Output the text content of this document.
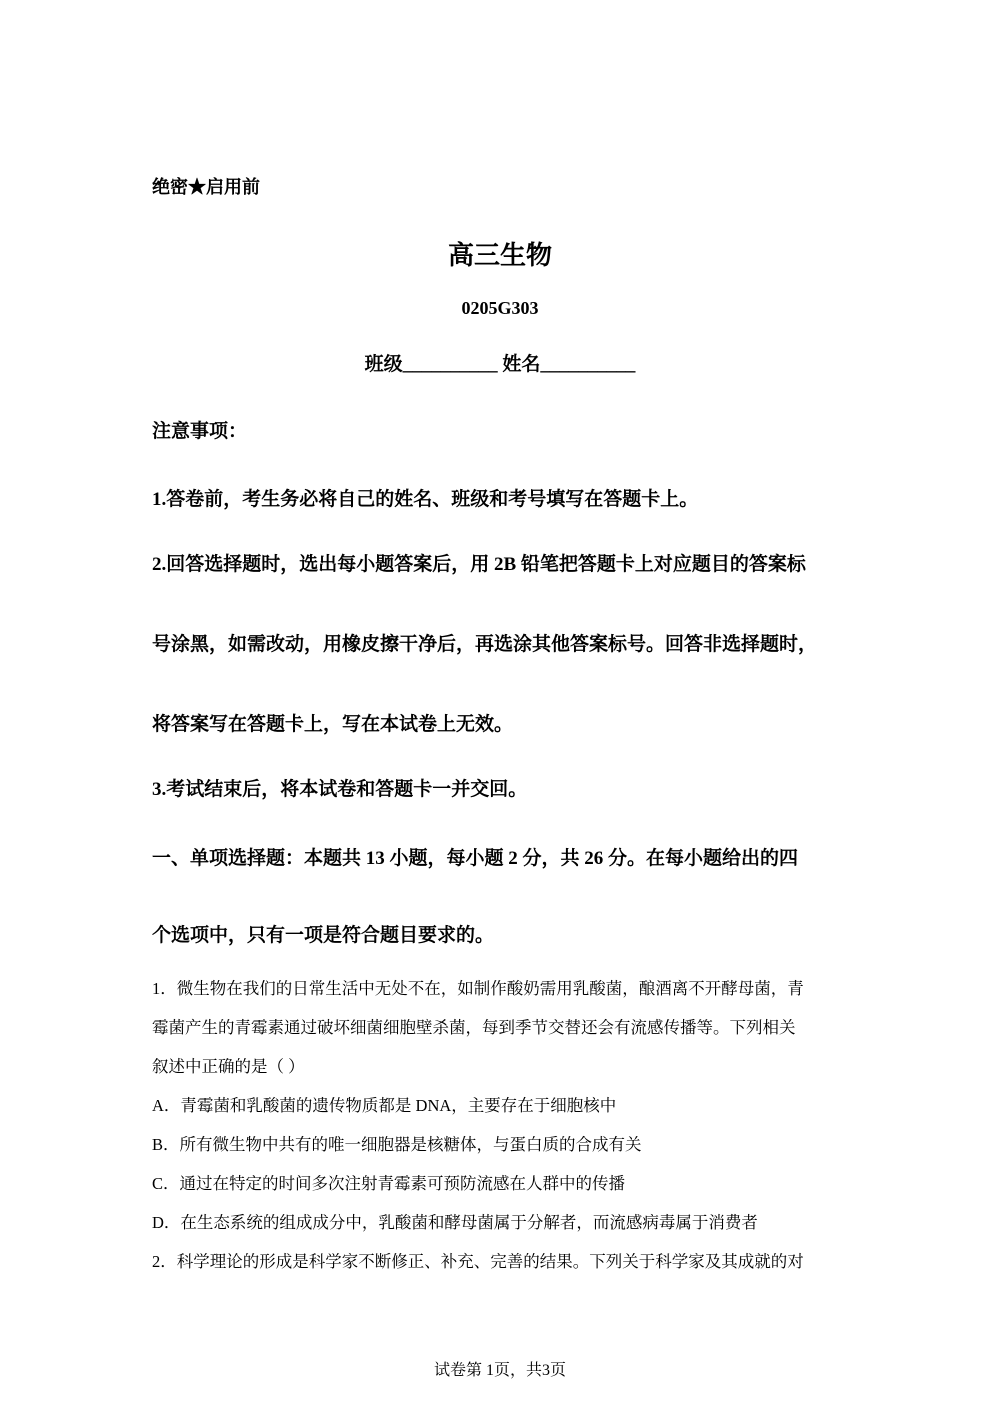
绝密★启用前
高三生物
0205G303
班级__________ 姓名__________
注意事项：
1.答卷前，考生务必将自己的姓名、班级和考号填写在答题卡上。
2.回答选择题时，选出每小题答案后，用 2B 铅笔把答题卡上对应题目的答案标
号涂黑，如需改动，用橡皮擦干净后，再选涂其他答案标号。回答非选择题时，
将答案写在答题卡上，写在本试卷上无效。
3.考试结束后，将本试卷和答题卡一并交回。
一、单项选择题：本题共 13 小题，每小题 2 分，共 26 分。在每小题给出的四
个选项中，只有一项是符合题目要求的。
1．微生物在我们的日常生活中无处不在，如制作酸奶需用乳酸菌，酿酒离不开酵母菌，青
霉菌产生的青霉素通过破坏细菌细胞壁杀菌，每到季节交替还会有流感传播等。下列相关
叙述中正确的是（ ）
A．青霉菌和乳酸菌的遗传物质都是 DNA，主要存在于细胞核中
B．所有微生物中共有的唯一细胞器是核糖体，与蛋白质的合成有关
C．通过在特定的时间多次注射青霉素可预防流感在人群中的传播
D．在生态系统的组成成分中，乳酸菌和酵母菌属于分解者，而流感病毒属于消费者
2．科学理论的形成是科学家不断修正、补充、完善的结果。下列关于科学家及其成就的对
试卷第 1页，共3页
